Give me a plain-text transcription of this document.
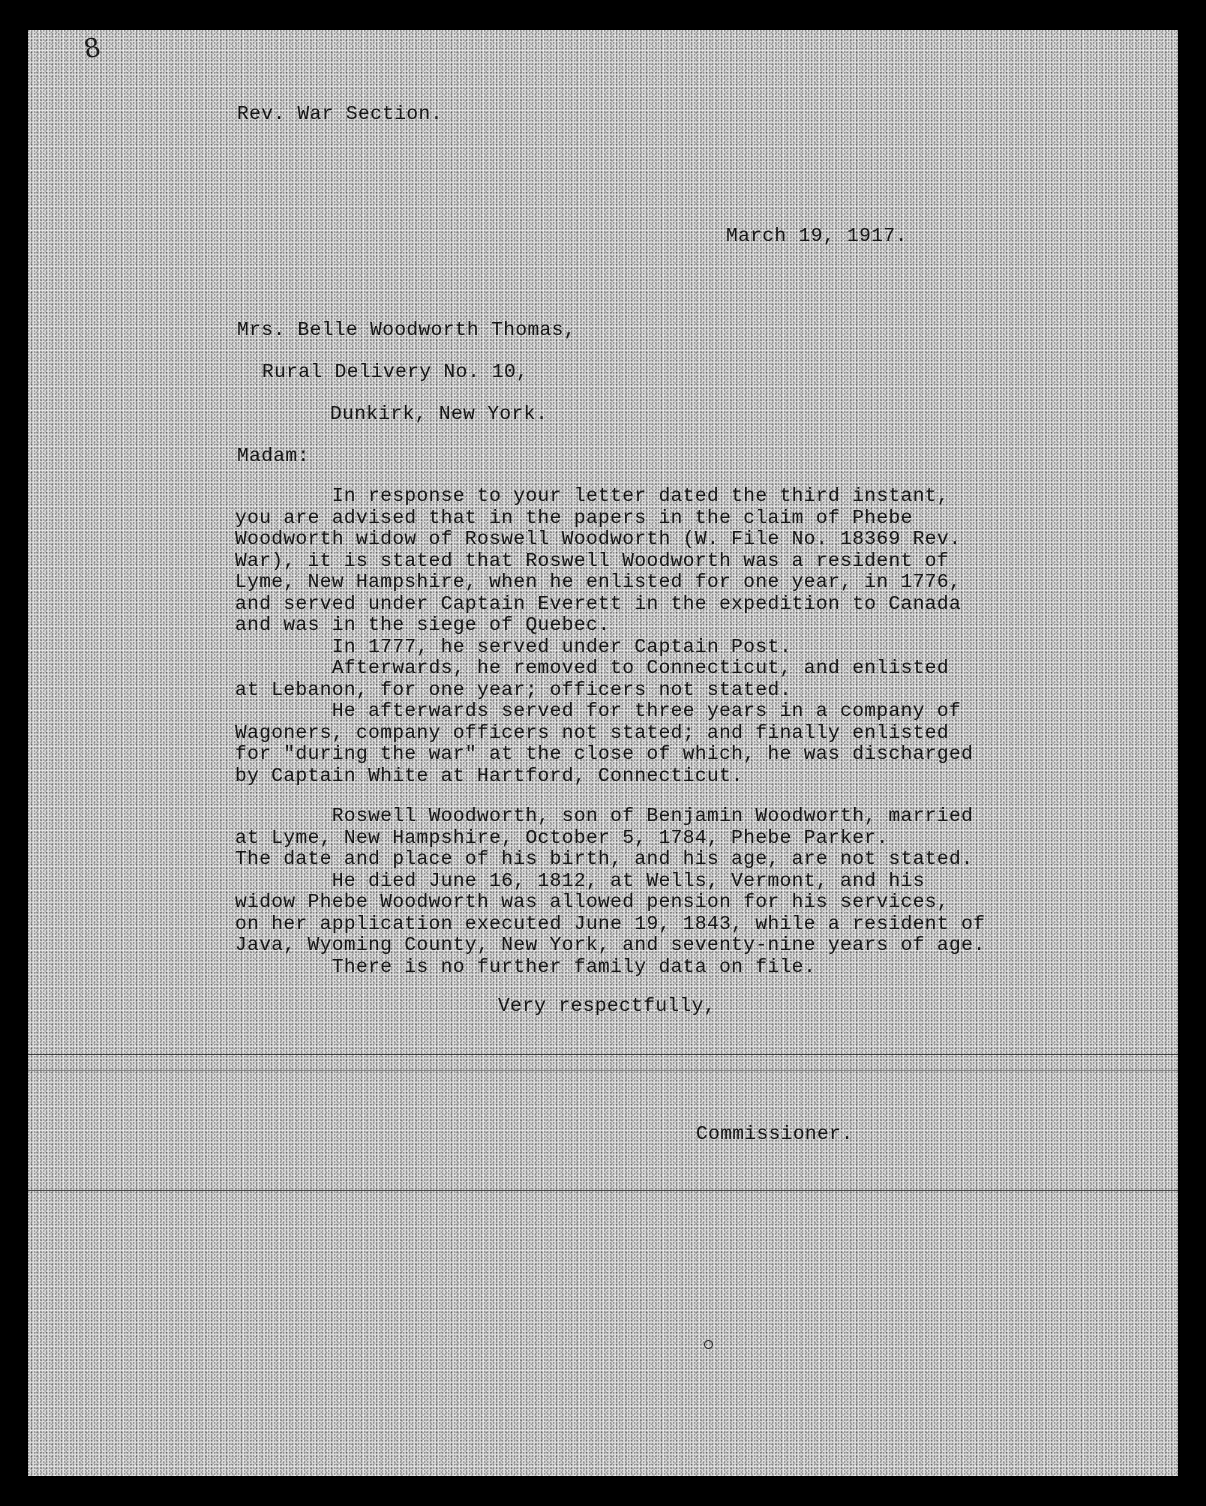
8

Rev. War Section.

March 19, 1917.

Mrs. Belle Woodworth Thomas,

Rural Delivery No. 10,

Dunkirk, New York.

Madam:

In response to your letter dated the third instant,

you are advised that in the papers in the claim of Phebe

Woodworth widow of Roswell Woodworth (W. File No. 18369 Rev.

War), it is stated that Roswell Woodworth was a resident of

Lyme, New Hampshire, when he enlisted for one year, in 1776,

and served under Captain Everett in the expedition to Canada

and was in the siege of Quebec.

In 1777, he served under Captain Post.

Afterwards, he removed to Connecticut, and enlisted

at Lebanon, for one year; officers not stated.

He afterwards served for three years in a company of

Wagoners, company officers not stated; and finally enlisted

for "during the war" at the close of which, he was discharged

by Captain White at Hartford, Connecticut.

Roswell Woodworth, son of Benjamin Woodworth, married

at Lyme, New Hampshire, October 5, 1784, Phebe Parker.

The date and place of his birth, and his age, are not stated.

He died June 16, 1812, at Wells, Vermont, and his

widow Phebe Woodworth was allowed pension for his services,

on her application executed June 19, 1843, while a resident of

Java, Wyoming County, New York, and seventy-nine years of age.

There is no further family data on file.

Very respectfully,

Commissioner.
